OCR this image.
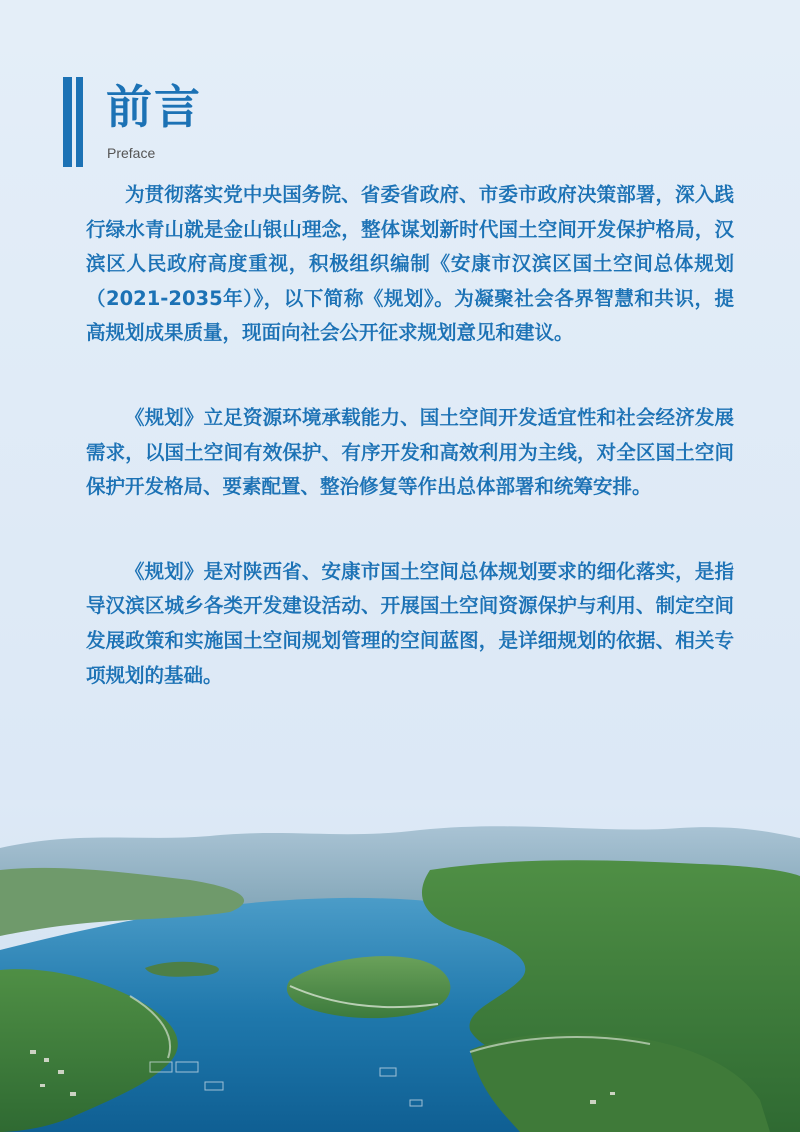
前言
Preface

为贯彻落实党中央国务院、省委省政府、市委市政府决策部署，深入践行绿水青山就是金山银山理念，整体谋划新时代国土空间开发保护格局，汉滨区人民政府高度重视，积极组织编制《安康市汉滨区国土空间总体规划（2021-2035年）》，以下简称《规划》。为凝聚社会各界智慧和共识，提高规划成果质量，现面向社会公开征求规划意见和建议。

《规划》立足资源环境承载能力、国土空间开发适宜性和社会经济发展需求，以国土空间有效保护、有序开发和高效利用为主线，对全区国土空间保护开发格局、要素配置、整治修复等作出总体部署和统筹安排。

《规划》是对陕西省、安康市国土空间总体规划要求的细化落实，是指导汉滨区城乡各类开发建设活动、开展国土空间资源保护与利用、制定空间发展政策和实施国土空间规划管理的空间蓝图，是详细规划的依据、相关专项规划的基础。
